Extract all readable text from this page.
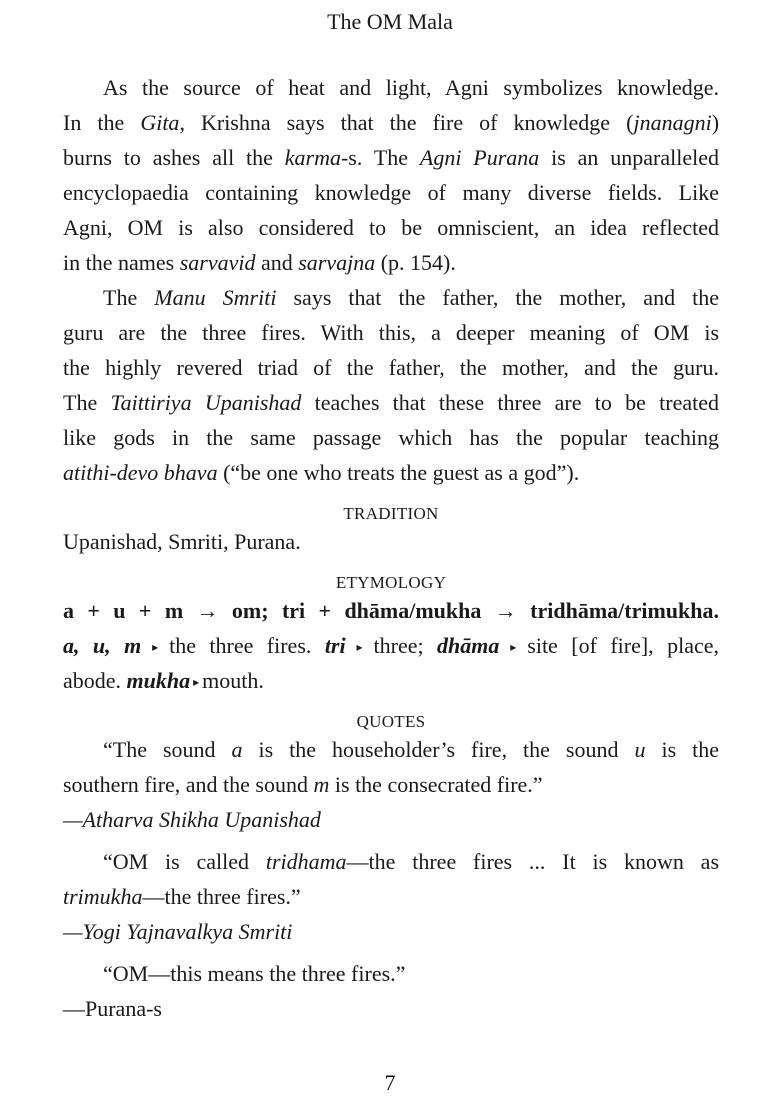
The OM Mala
As the source of heat and light, Agni symbolizes knowledge.
In the Gita, Krishna says that the fire of knowledge (jnanagni)
burns to ashes all the karma-s. The Agni Purana is an unparalleled
encyclopaedia containing knowledge of many diverse fields. Like
Agni, OM is also considered to be omniscient, an idea reflected
in the names sarvavid and sarvajna (p. 154).
The Manu Smriti says that the father, the mother, and the
guru are the three fires. With this, a deeper meaning of OM is
the highly revered triad of the father, the mother, and the guru.
The Taittiriya Upanishad teaches that these three are to be treated
like gods in the same passage which has the popular teaching
atithi-devo bhava (“be one who treats the guest as a god”).
TRADITION
Upanishad, Smriti, Purana.
ETYMOLOGY
a + u + m → om; tri + dhāma/mukha → tridhāma/trimukha.
a, u, m ▸ the three fires. tri ▸ three; dhāma ▸ site [of fire], place,
abode. mukha ▸ mouth.
QUOTES
“The sound a is the householder’s fire, the sound u is the
southern fire, and the sound m is the consecrated fire.”
—Atharva Shikha Upanishad
“OM is called tridhama—the three fires ... It is known as
trimukha—the three fires.”
—Yogi Yajnavalkya Smriti
“OM—this means the three fires.”
—Purana-s
7
